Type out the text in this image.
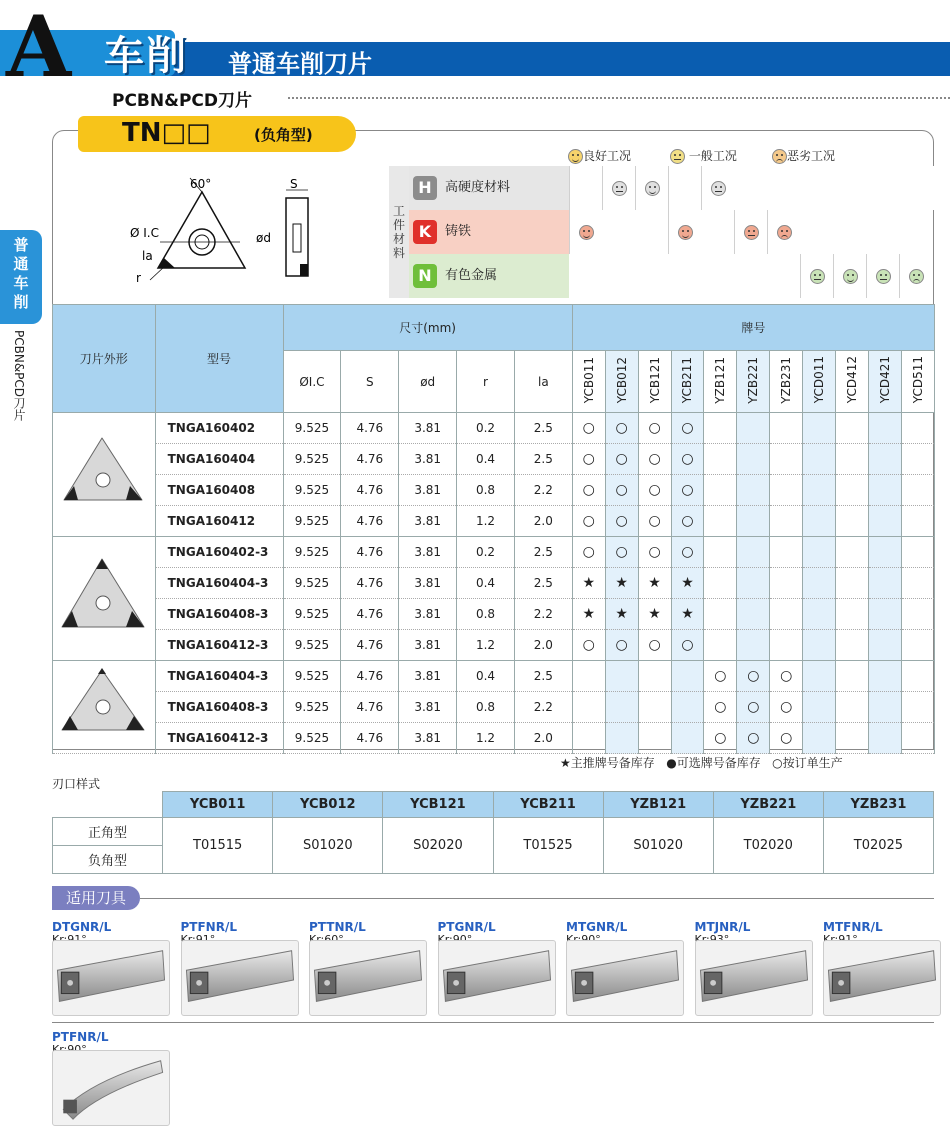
A 车削 普通车削刀片
PCBN&PCD刀片
普通车削
PCBN&PCD刀片
TN□□	(负角型)
60°
Ø I.C
la
r
S
ød
良好工况	一般工况	恶劣工况
工件材料
H	高硬度材料
K	铸铁
N	有色金属
刀片外形	型号	尺寸(mm)					牌号										
		ØI.C	S	ød	r	la	YCB011	YCB012	YCB121	YCB211	YZB121	YZB221	YZB231	YCD011	YCD412	YCD421	YCD511
	TNGA160402	9.525	4.76	3.81	0.2	2.5	○	○	○	○							
	TNGA160404	9.525	4.76	3.81	0.4	2.5	○	○	○	○							
	TNGA160408	9.525	4.76	3.81	0.8	2.2	○	○	○	○							
	TNGA160412	9.525	4.76	3.81	1.2	2.0	○	○	○	○							
	TNGA160402-3	9.525	4.76	3.81	0.2	2.5	○	○	○	○							
	TNGA160404-3	9.525	4.76	3.81	0.4	2.5	★	★	★	★							
	TNGA160408-3	9.525	4.76	3.81	0.8	2.2	★	★	★	★							
	TNGA160412-3	9.525	4.76	3.81	1.2	2.0	○	○	○	○							
	TNGA160404-3	9.525	4.76	3.81	0.4	2.5					○	○	○				
	TNGA160408-3	9.525	4.76	3.81	0.8	2.2					○	○	○				
	TNGA160412-3	9.525	4.76	3.81	1.2	2.0					○	○	○				
★主推牌号备库存 ●可选牌号备库存 ○按订单生产
刃口样式
	YCB011	YCB012	YCB121	YCB211	YZB121	YZB221	YZB231
正角型	T01515	S01020	S02020	T01525	S01020	T02020	T02025
负角型							
适用刀具
DTGNR/L
Kr:91°
PTFNR/L
Kr:91°
PTTNR/L
Kr:60°
PTGNR/L
Kr:90°
MTGNR/L
Kr:90°
MTJNR/L
Kr:93°
MTFNR/L
Kr:91°
PTFNR/L
Kr:90°
